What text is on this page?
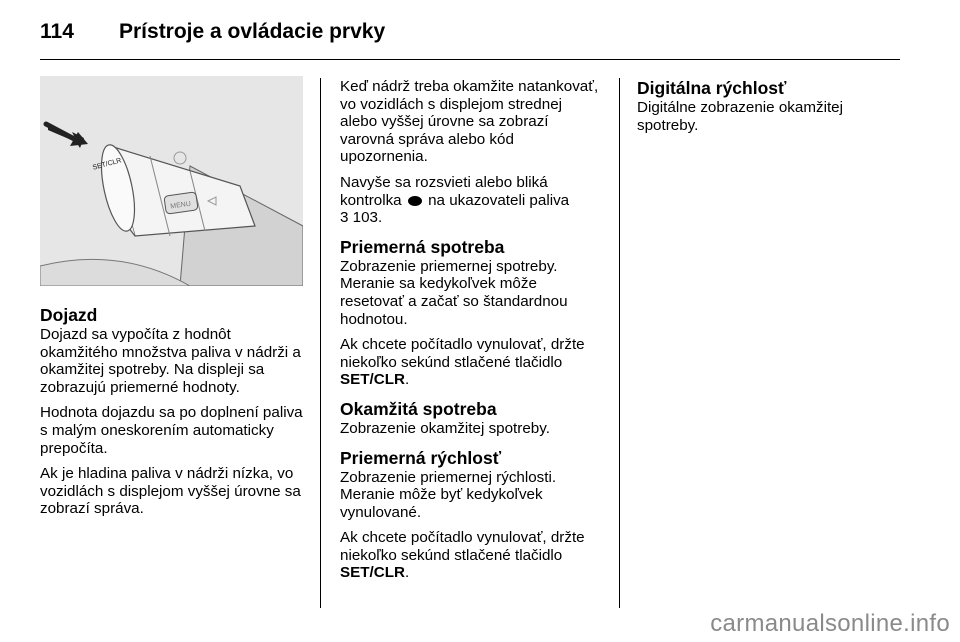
114 Prístroje a ovládacie prvky
MENU
SET/CLR
Dojazd

Dojazd sa vypočíta z hodnôt okamžitého množstva paliva v nádrži a okamžitej spotreby. Na displeji sa zobrazujú priemerné hodnoty.

Hodnota dojazdu sa po doplnení paliva s malým oneskorením automaticky prepočíta.

Ak je hladina paliva v nádrži nízka, vo vozidlách s displejom vyššej úrovne sa zobrazí správa.

Keď nádrž treba okamžite natankovať, vo vozidlách s displejom strednej alebo vyššej úrovne sa zobrazí varovná správa alebo kód upozornenia.

Navyše sa rozsvieti alebo bliká kontrolka na ukazovateli paliva
3 103.

Priemerná spotreba

Zobrazenie priemernej spotreby. Meranie sa kedykoľvek môže resetovať a začať so štandardnou hodnotou.

Ak chcete počítadlo vynulovať, držte niekoľko sekúnd stlačené tlačidlo SET/CLR.

Okamžitá spotreba

Zobrazenie okamžitej spotreby.

Priemerná rýchlosť

Zobrazenie priemernej rýchlosti. Meranie môže byť kedykoľvek vynulované.

Ak chcete počítadlo vynulovať, držte niekoľko sekúnd stlačené tlačidlo SET/CLR.

Digitálna rýchlosť

Digitálne zobrazenie okamžitej spotreby.

carmanualsonline.info
